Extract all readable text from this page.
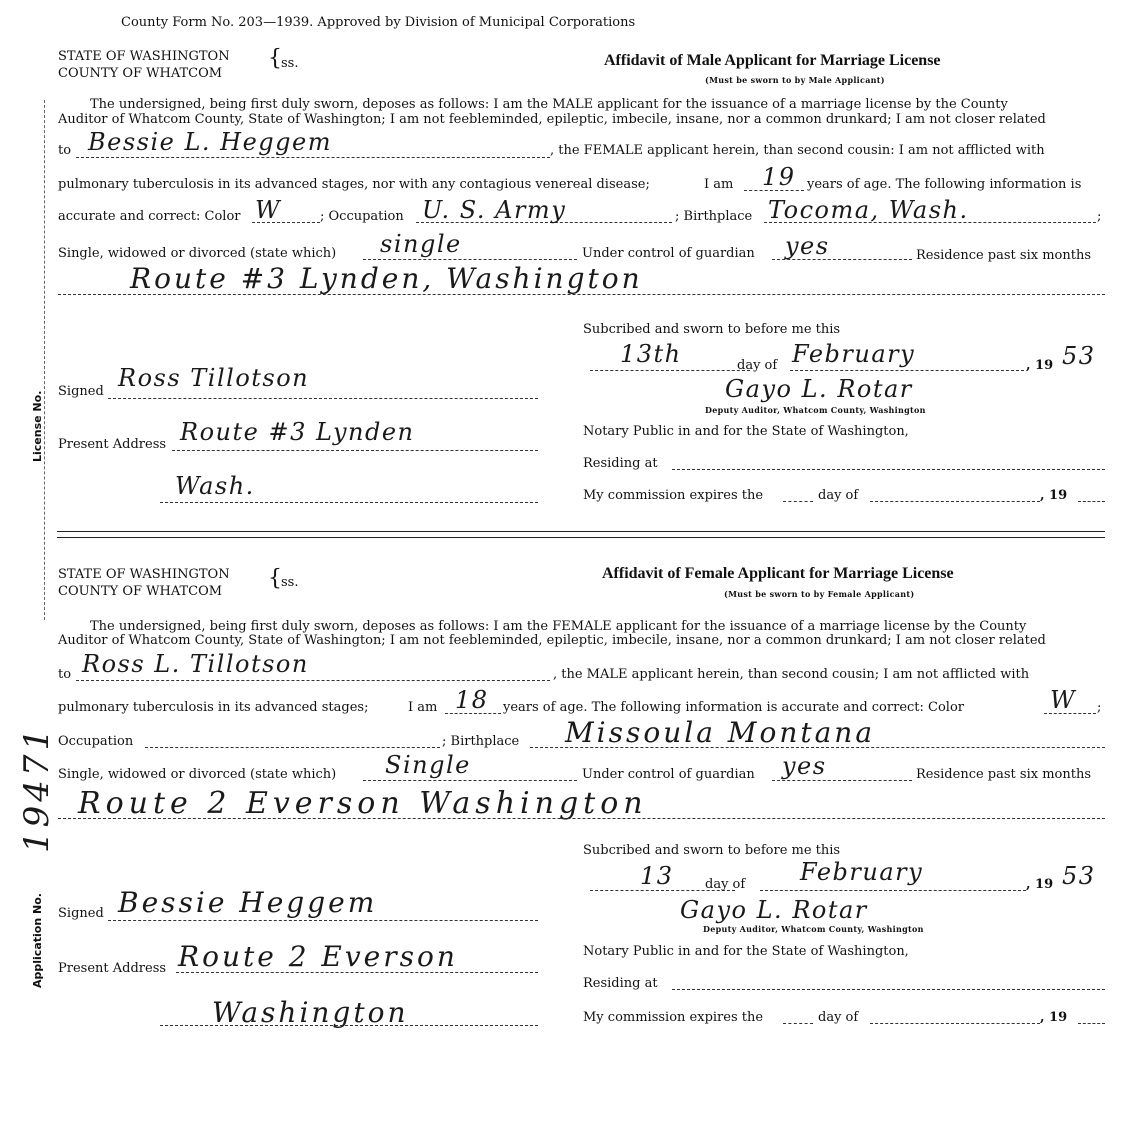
County Form No. 203—1939. Approved by Division of Municipal Corporations
License No.
Application No.
19471
STATE OF WASHINGTON
COUNTY OF WHATCOM
{ ss.	Affidavit of Male Applicant for Marriage License
(Must be sworn to by Male Applicant)
The undersigned, being first duly sworn, deposes as follows: I am the MALE applicant for the issuance of a marriage license by the County
Auditor of Whatcom County, State of Washington; I am not feebleminded, epileptic, imbecile, insane, nor a common drunkard; I am not closer related
to Bessie L. Heggem	, the FEMALE applicant herein, than second cousin: I am not afflicted with
pulmonary tuberculosis in its advanced stages, nor with any contagious venereal disease;	I am 19 years of age. The following information is
accurate and correct: Color W	; Occupation U. S. Army	; Birthplace Tocoma, Wash.	;
Single, widowed or divorced (state which) single	Under control of guardian yes	Residence past six months
Route #3 Lynden, Washington
Subcribed and sworn to before me this
13th	day of February	, 19 53
Gayo L. Rotar
Deputy Auditor, Whatcom County, Washington
Signed Ross Tillotson
Present Address Route #3 Lynden
Wash.
Notary Public in and for the State of Washington,
Residing at
My commission expires the	day of	, 19
STATE OF WASHINGTON
COUNTY OF WHATCOM
{ ss.
Affidavit of Female Applicant for Marriage License
(Must be sworn to by Female Applicant)
The undersigned, being first duly sworn, deposes as follows: I am the FEMALE applicant for the issuance of a marriage license by the County
Auditor of Whatcom County, State of Washington; I am not feebleminded, epileptic, imbecile, insane, nor a common drunkard; I am not closer related
to Ross L. Tillotson	, the MALE applicant herein, than second cousin; I am not afflicted with
pulmonary tuberculosis in its advanced stages;	I am 18 years of age. The following information is accurate and correct: Color	W ;
Occupation	; Birthplace Missoula Montana
Single, widowed or divorced (state which) Single	Under control of guardian yes	Residence past six months
Route 2 Everson Washington
Subcribed and sworn to before me this
13 day of February	, 19 53
Gayo L. Rotar
Deputy Auditor, Whatcom County, Washington
Signed Bessie Heggem
Present Address Route 2 Everson
Washington
Notary Public in and for the State of Washington,
Residing at
My commission expires the	day of	, 19
